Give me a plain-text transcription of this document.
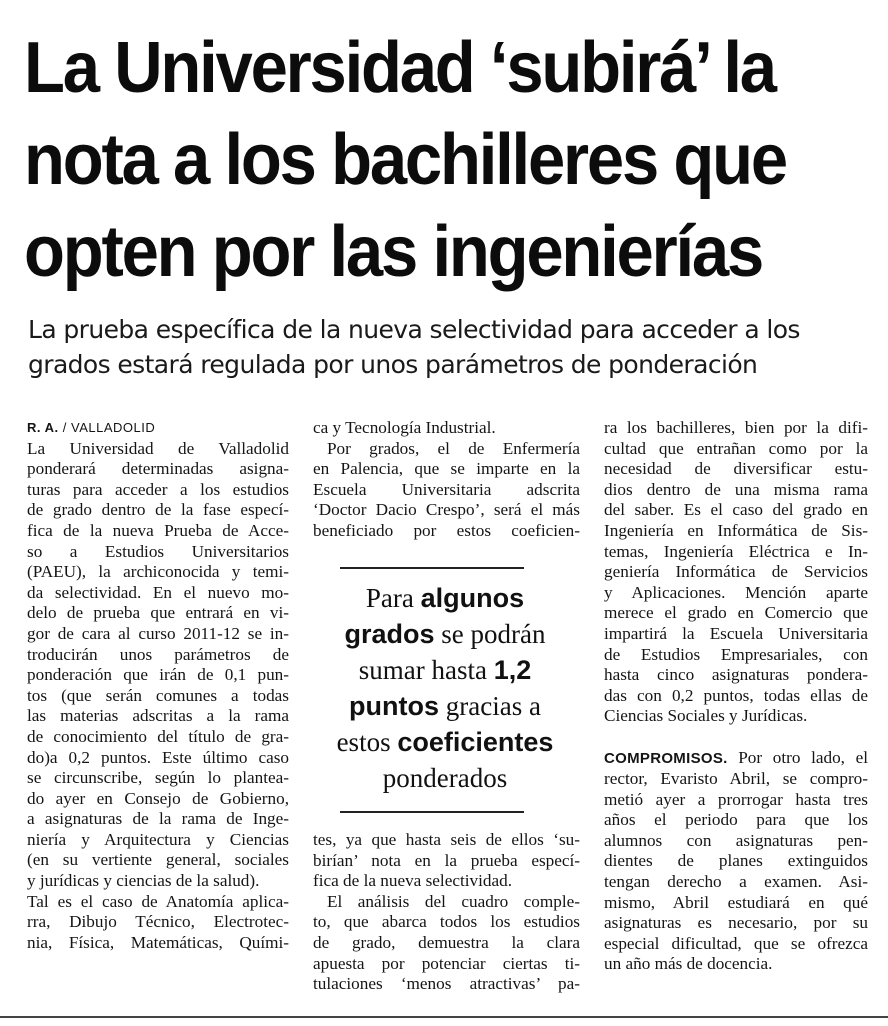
La Universidad ‘subirá’ la
nota a los bachilleres que
opten por las ingenierías
La prueba específica de la nueva selectividad para acceder a los
grados estará regulada por unos parámetros de ponderación
R. A. / VALLADOLID

La Universidad de Valladolid

ponderará determinadas asigna-

turas para acceder a los estudios

de grado dentro de la fase especí-

fica de la nueva Prueba de Acce-

so a Estudios Universitarios

(PAEU), la archiconocida y temi-

da selectividad. En el nuevo mo-

delo de prueba que entrará en vi-

gor de cara al curso 2011-12 se in-

troducirán unos parámetros de

ponderación que irán de 0,1 pun-

tos (que serán comunes a todas

las materias adscritas a la rama

de conocimiento del título de gra-

do)a 0,2 puntos. Este último caso

se circunscribe, según lo plantea-

do ayer en Consejo de Gobierno,

a asignaturas de la rama de Inge-

niería y Arquitectura y Ciencias

(en su vertiente general, sociales

y jurídicas y ciencias de la salud).

Tal es el caso de Anatomía aplica-

rra, Dibujo Técnico, Electrotec-

nia, Física, Matemáticas, Quími-

ca y Tecnología Industrial.

Por grados, el de Enfermería

en Palencia, que se imparte en la

Escuela Universitaria adscrita

‘Doctor Dacio Crespo’, será el más

beneficiado por estos coeficien-

Para algunos
grados se podrán
sumar hasta 1,2
puntos gracias a
estos coeficientes
ponderados

tes, ya que hasta seis de ellos ‘su-

birían’ nota en la prueba especí-

fica de la nueva selectividad.

El análisis del cuadro comple-

to, que abarca todos los estudios

de grado, demuestra la clara

apuesta por potenciar ciertas ti-

tulaciones ‘menos atractivas’ pa-

ra los bachilleres, bien por la difi-

cultad que entrañan como por la

necesidad de diversificar estu-

dios dentro de una misma rama

del saber. Es el caso del grado en

Ingeniería en Informática de Sis-

temas, Ingeniería Eléctrica e In-

geniería Informática de Servicios

y Aplicaciones. Mención aparte

merece el grado en Comercio que

impartirá la Escuela Universitaria

de Estudios Empresariales, con

hasta cinco asignaturas pondera-

das con 0,2 puntos, todas ellas de

Ciencias Sociales y Jurídicas.

COMPROMISOS. Por otro lado, el

rector, Evaristo Abril, se compro-

metió ayer a prorrogar hasta tres

años el periodo para que los

alumnos con asignaturas pen-

dientes de planes extinguidos

tengan derecho a examen. Asi-

mismo, Abril estudiará en qué

asignaturas es necesario, por su

especial dificultad, que se ofrezca

un año más de docencia.
